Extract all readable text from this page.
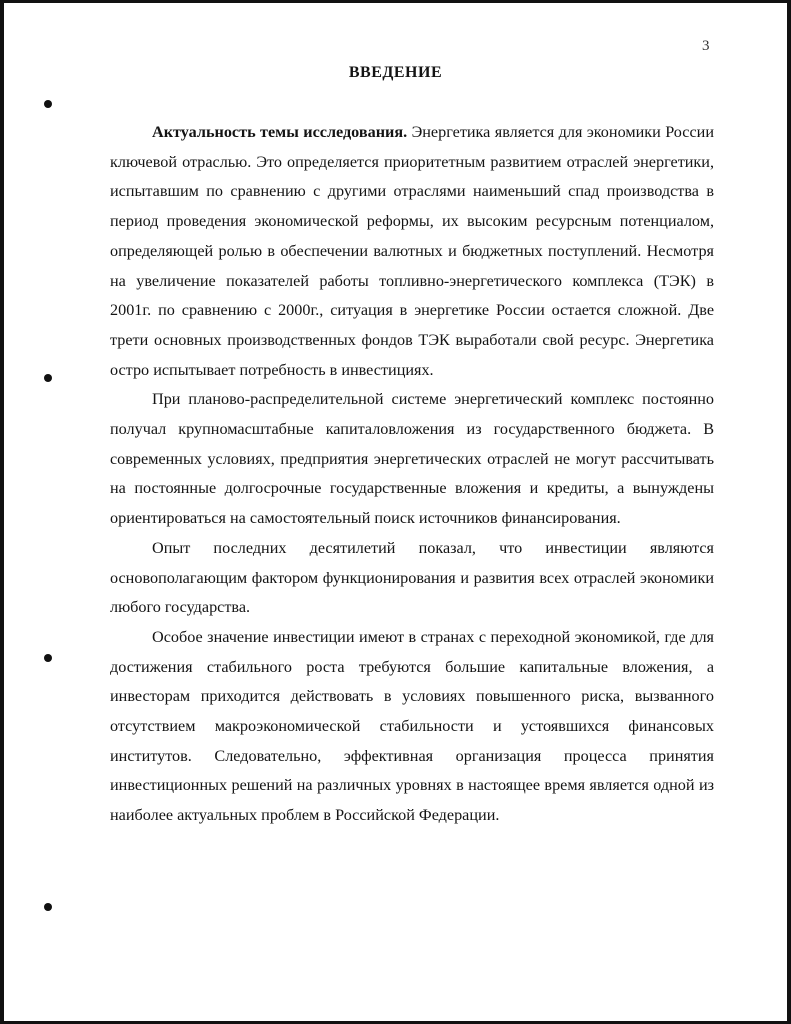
3
ВВЕДЕНИЕ

Актуальность темы исследования. Энергетика является для экономики России ключевой отраслью. Это определяется приоритетным развитием отраслей энергетики, испытавшим по сравнению с другими отраслями наименьший спад производства в период проведения экономической реформы, их высоким ресурсным потенциалом, определяющей ролью в обеспечении валютных и бюджетных поступлений. Несмотря на увеличение показателей работы топливно-энергетического комплекса (ТЭК) в 2001г. по сравнению с 2000г., ситуация в энергетике России остается сложной. Две трети основных производственных фондов ТЭК выработали свой ресурс. Энергетика остро испытывает потребность в инвестициях.

При планово-распределительной системе энергетический комплекс постоянно получал крупномасштабные капиталовложения из государственного бюджета. В современных условиях, предприятия энергетических отраслей не могут рассчитывать на постоянные долгосрочные государственные вложения и кредиты, а вынуждены ориентироваться на самостоятельный поиск источников финансирования.

Опыт последних десятилетий показал, что инвестиции являются основополагающим фактором функционирования и развития всех отраслей экономики любого государства.

Особое значение инвестиции имеют в странах с переходной экономикой, где для достижения стабильного роста требуются большие капитальные вложения, а инвесторам приходится действовать в условиях повышенного риска, вызванного отсутствием макроэкономической стабильности и устоявшихся финансовых институтов. Следовательно, эффективная организация процесса принятия инвестиционных решений на различных уровнях в настоящее время является одной из наиболее актуальных проблем в Российской Федерации.
